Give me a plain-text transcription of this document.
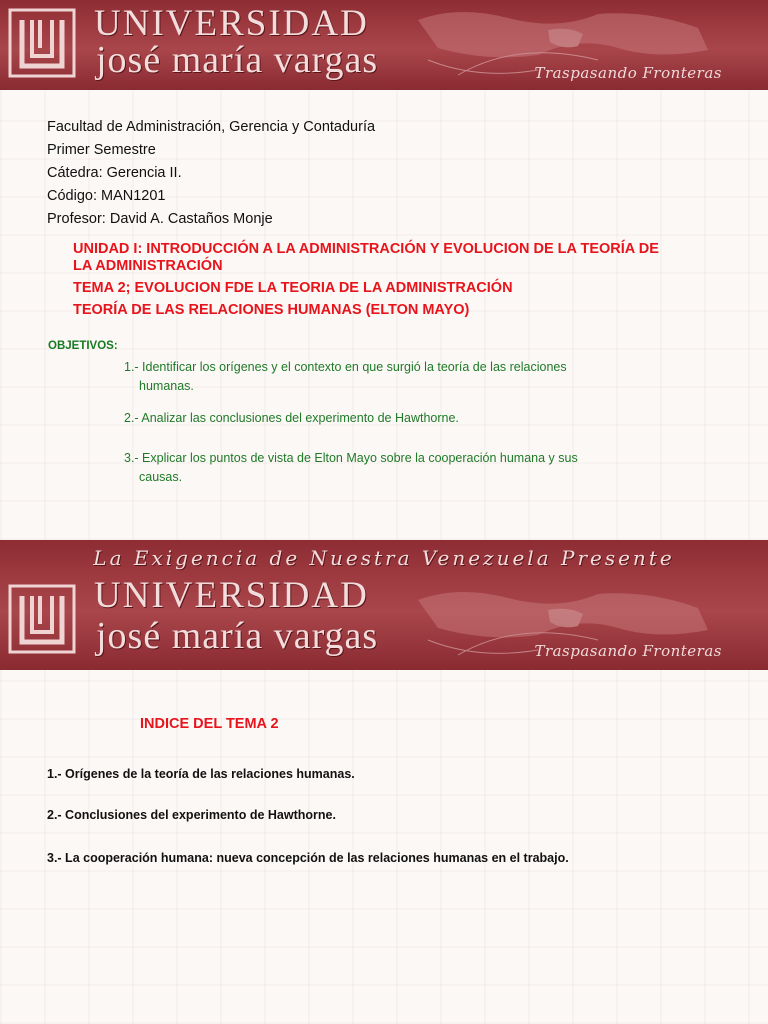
UNIVERSIDAD
josé maría vargas	Traspasando Fronteras
Facultad de Administración, Gerencia y Contaduría
Primer Semestre
Cátedra: Gerencia II.
Código: MAN1201
Profesor: David A. Castaños Monje
UNIDAD I: INTRODUCCIÓN A LA ADMINISTRACIÓN Y EVOLUCION DE LA TEORÍA DE
LA ADMINISTRACIÓN
TEMA 2; EVOLUCION FDE LA TEORIA DE LA ADMINISTRACIÓN
TEORÍA DE LAS RELACIONES HUMANAS (ELTON MAYO)
OBJETIVOS:
1.- Identificar los orígenes y el contexto en que surgió la teoría de las relaciones
humanas.
2.- Analizar las conclusiones del experimento de Hawthorne.
3.- Explicar los puntos de vista de Elton Mayo sobre la cooperación humana y sus
causas.
La Exigencia de Nuestra Venezuela Presente
UNIVERSIDAD
josé maría vargas	Traspasando Fronteras
INDICE DEL TEMA 2
1.- Orígenes de la teoría de las relaciones humanas.
2.- Conclusiones del experimento de Hawthorne.
3.- La cooperación humana: nueva concepción de las relaciones humanas en el trabajo.
